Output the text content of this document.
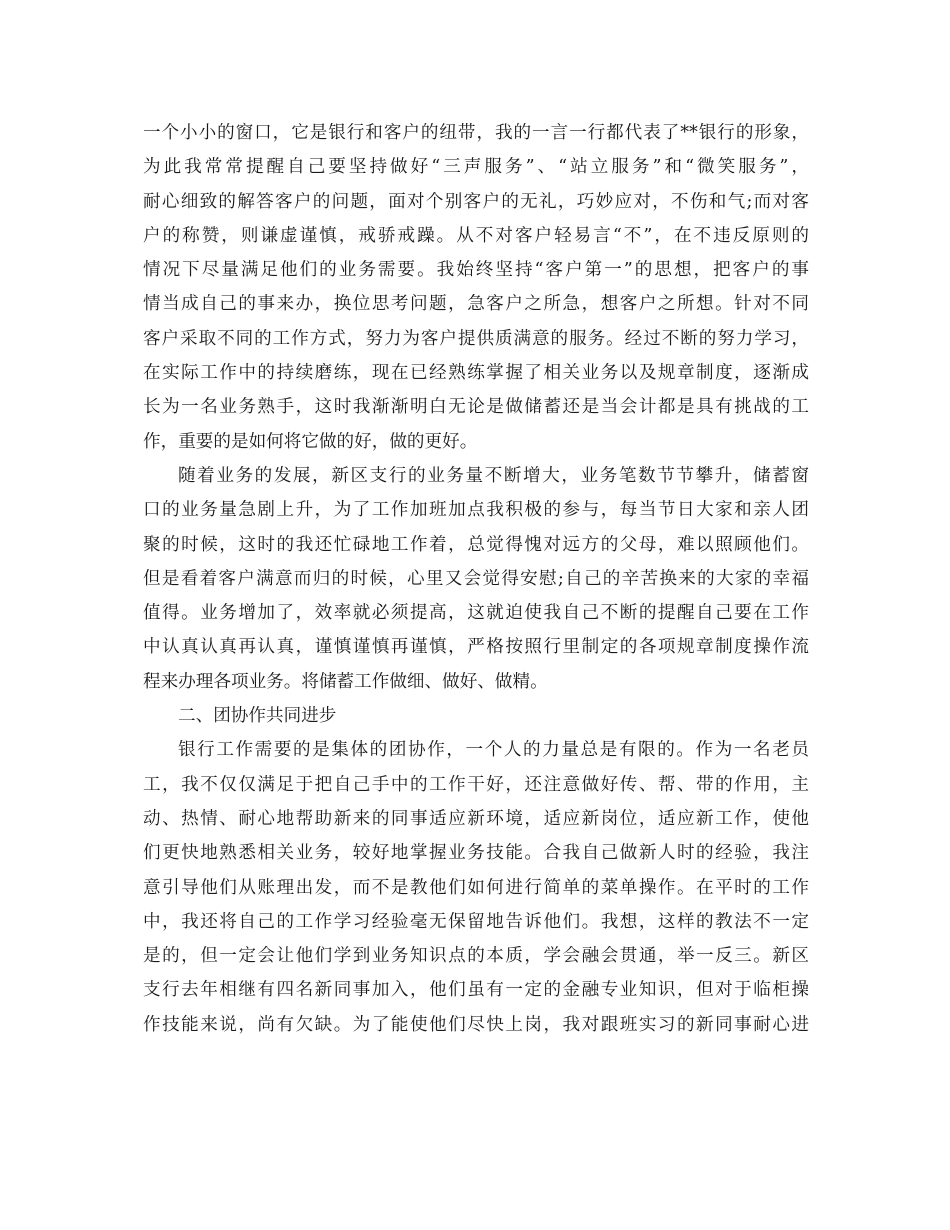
一个小小的窗口，它是银行和客户的纽带，我的一言一行都代表了**银行的形象，
为此我常常提醒自己要坚持做好“三声服务”、“站立服务”和“微笑服务”，
耐心细致的解答客户的问题，面对个别客户的无礼，巧妙应对，不伤和气;而对客
户的称赞，则谦虚谨慎，戒骄戒躁。从不对客户轻易言“不”，在不违反原则的
情况下尽量满足他们的业务需要。我始终坚持“客户第一”的思想，把客户的事
情当成自己的事来办，换位思考问题，急客户之所急，想客户之所想。针对不同
客户采取不同的工作方式，努力为客户提供质满意的服务。经过不断的努力学习，
在实际工作中的持续磨练，现在已经熟练掌握了相关业务以及规章制度，逐渐成
长为一名业务熟手，这时我渐渐明白无论是做储蓄还是当会计都是具有挑战的工
作，重要的是如何将它做的好，做的更好。
随着业务的发展，新区支行的业务量不断增大，业务笔数节节攀升，储蓄窗
口的业务量急剧上升，为了工作加班加点我积极的参与，每当节日大家和亲人团
聚的时候，这时的我还忙碌地工作着，总觉得愧对远方的父母，难以照顾他们。
但是看着客户满意而归的时候，心里又会觉得安慰;自己的辛苦换来的大家的幸福
值得。业务增加了，效率就必须提高，这就迫使我自己不断的提醒自己要在工作
中认真认真再认真，谨慎谨慎再谨慎，严格按照行里制定的各项规章制度操作流
程来办理各项业务。将储蓄工作做细、做好、做精。
二、团协作共同进步
银行工作需要的是集体的团协作，一个人的力量总是有限的。作为一名老员
工，我不仅仅满足于把自己手中的工作干好，还注意做好传、帮、带的作用，主
动、热情、耐心地帮助新来的同事适应新环境，适应新岗位，适应新工作，使他
们更快地熟悉相关业务，较好地掌握业务技能。合我自己做新人时的经验，我注
意引导他们从账理出发，而不是教他们如何进行简单的菜单操作。在平时的工作
中，我还将自己的工作学习经验毫无保留地告诉他们。我想，这样的教法不一定
是的，但一定会让他们学到业务知识点的本质，学会融会贯通，举一反三。新区
支行去年相继有四名新同事加入，他们虽有一定的金融专业知识，但对于临柜操
作技能来说，尚有欠缺。为了能使他们尽快上岗，我对跟班实习的新同事耐心进
